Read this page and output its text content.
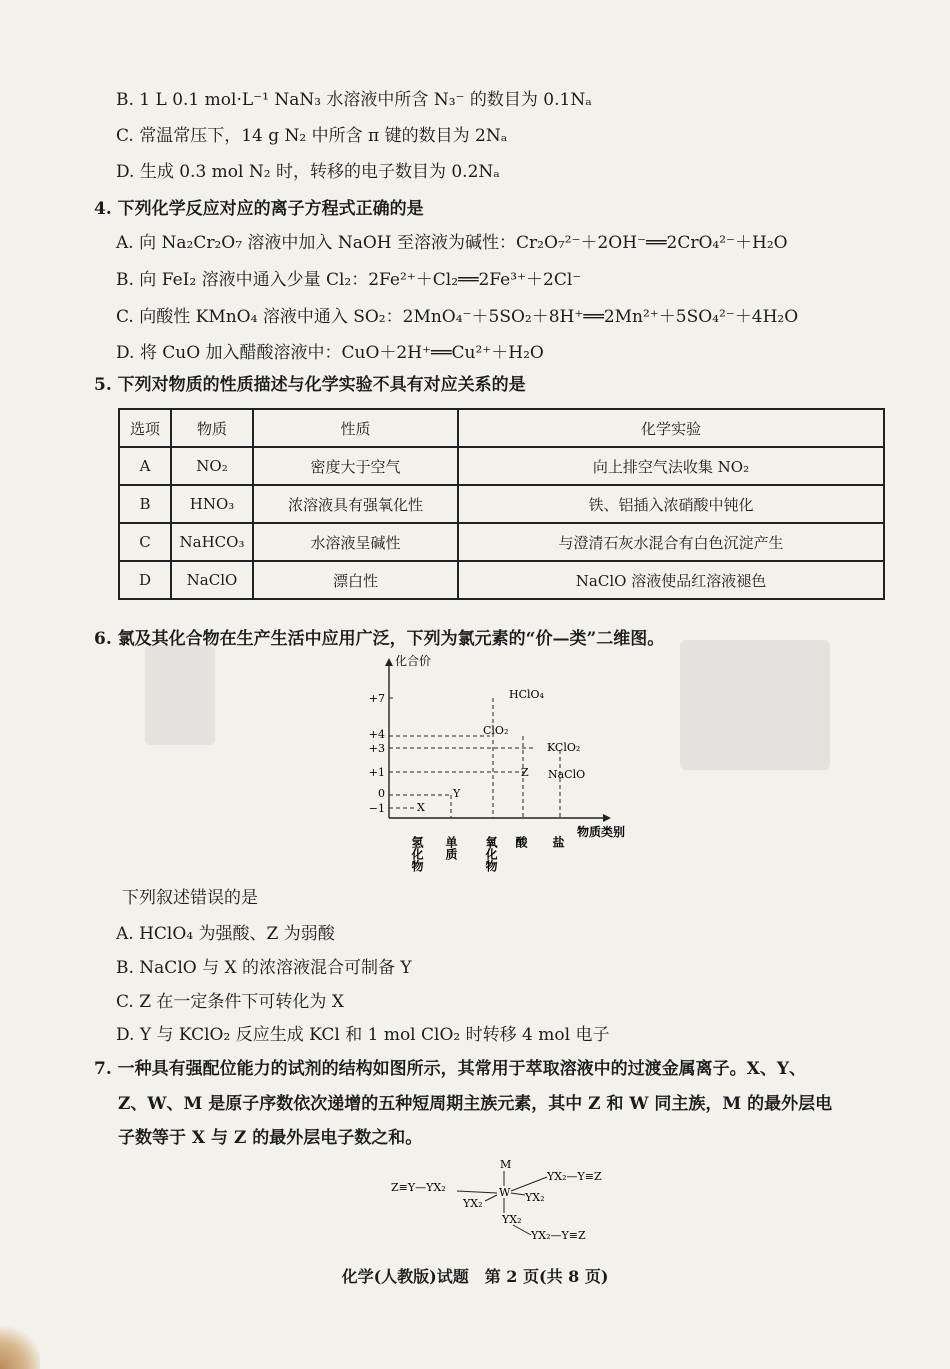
B. 1 L 0.1 mol·L⁻¹ NaN₃ 水溶液中所含 N₃⁻ 的数目为 0.1Nₐ
C. 常温常压下，14 g N₂ 中所含 π 键的数目为 2Nₐ
D. 生成 0.3 mol N₂ 时，转移的电子数目为 0.2Nₐ
4. 下列化学反应对应的离子方程式正确的是
A. 向 Na₂Cr₂O₇ 溶液中加入 NaOH 至溶液为碱性：Cr₂O₇²⁻＋2OH⁻══2CrO₄²⁻＋H₂O
B. 向 FeI₂ 溶液中通入少量 Cl₂：2Fe²⁺＋Cl₂══2Fe³⁺＋2Cl⁻
C. 向酸性 KMnO₄ 溶液中通入 SO₂：2MnO₄⁻＋5SO₂＋8H⁺══2Mn²⁺＋5SO₄²⁻＋4H₂O
D. 将 CuO 加入醋酸溶液中：CuO＋2H⁺══Cu²⁺＋H₂O
5. 下列对物质的性质描述与化学实验不具有对应关系的是
选项	物质	性质	化学实验
A	NO₂	密度大于空气	向上排空气法收集 NO₂
B	HNO₃	浓溶液具有强氧化性	铁、铝插入浓硝酸中钝化
C	NaHCO₃	水溶液呈碱性	与澄清石灰水混合有白色沉淀产生
D	NaClO	漂白性	NaClO 溶液使品红溶液褪色
6. 氯及其化合物在生产生活中应用广泛，下列为氯元素的“价—类”二维图。
化合价
+7
+4
+3
+1
0
−1
HClO₄
ClO₂
KClO₂
Z NaClO
Y
X
氢化物 单质 氧化物 酸 盐
物质类别
下列叙述错误的是
A. HClO₄ 为强酸、Z 为弱酸
B. NaClO 与 X 的浓溶液混合可制备 Y
C. Z 在一定条件下可转化为 X
D. Y 与 KClO₂ 反应生成 KCl 和 1 mol ClO₂ 时转移 4 mol 电子
7. 一种具有强配位能力的试剂的结构如图所示，其常用于萃取溶液中的过渡金属离子。X、Y、
Z、W、M 是原子序数依次递增的五种短周期主族元素，其中 Z 和 W 同主族，M 的最外层电
子数等于 X 与 Z 的最外层电子数之和。
M
Z≡Y—YX₂	W
YX₂	YX₂
YX₂—Y≡Z
YX₂
YX₂—Y≡Z
化学(人教版)试题　第 2 页(共 8 页)
